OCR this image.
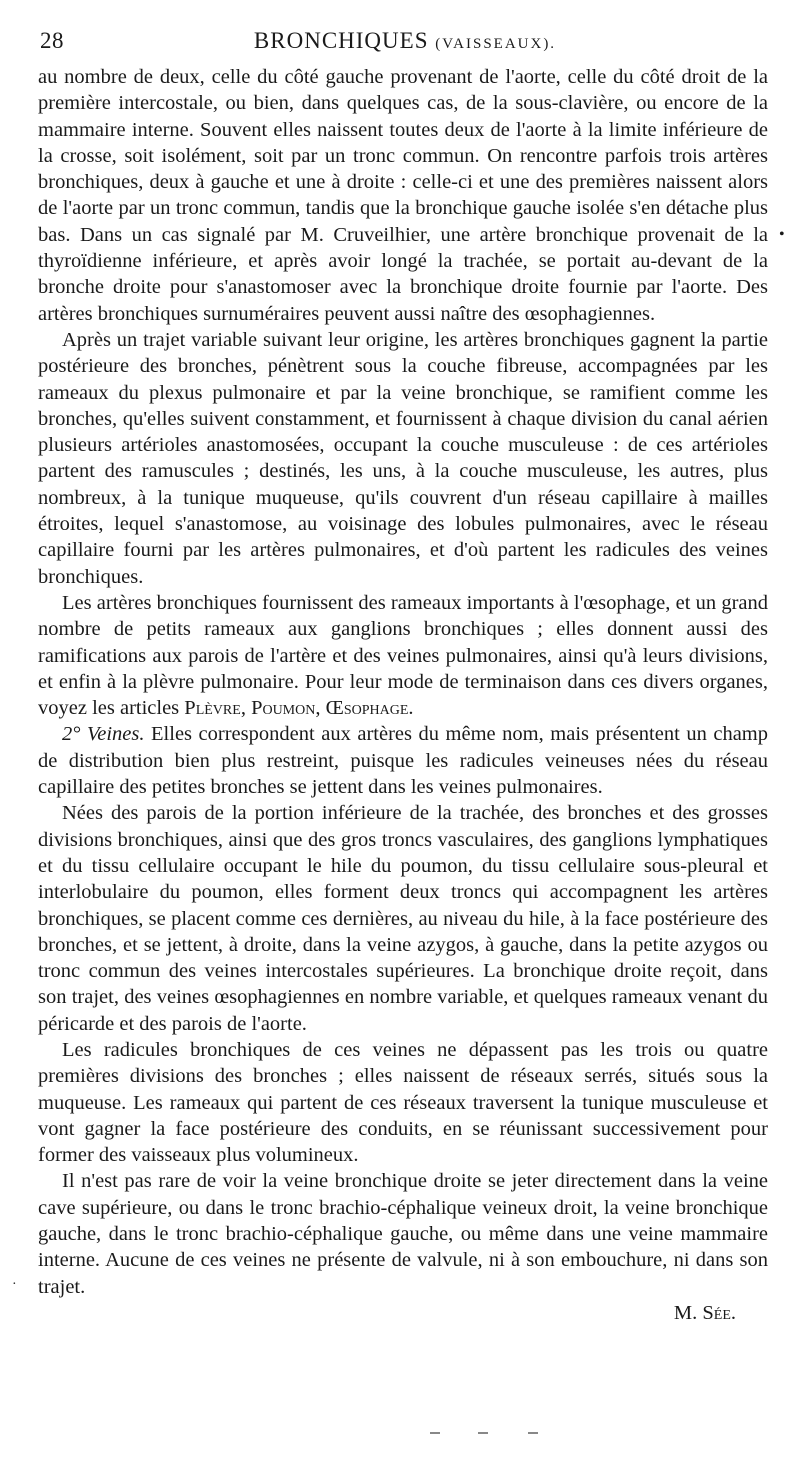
28	BRONCHIQUES (VAISSEAUX).

au nombre de deux, celle du côté gauche provenant de l'aorte, celle du côté droit de la première intercostale, ou bien, dans quelques cas, de la sous-clavière, ou encore de la mammaire interne. Souvent elles naissent toutes deux de l'aorte à la limite inférieure de la crosse, soit isolément, soit par un tronc commun. On rencontre parfois trois artères bronchiques, deux à gauche et une à droite : celle-ci et une des premières naissent alors de l'aorte par un tronc commun, tandis que la bronchique gauche isolée s'en détache plus bas. Dans un cas signalé par M. Cruveilhier, une artère bronchique provenait de la thyroïdienne inférieure, et après avoir longé la trachée, se portait au-devant de la bronche droite pour s'anastomoser avec la bronchique droite fournie par l'aorte. Des artères bronchiques surnuméraires peuvent aussi naître des œsophagiennes.

Après un trajet variable suivant leur origine, les artères bronchiques gagnent la partie postérieure des bronches, pénètrent sous la couche fibreuse, accompagnées par les rameaux du plexus pulmonaire et par la veine bronchique, se ramifient comme les bronches, qu'elles suivent constamment, et fournissent à chaque division du canal aérien plusieurs artérioles anastomosées, occupant la couche musculeuse : de ces artérioles partent des ramuscules ; destinés, les uns, à la couche musculeuse, les autres, plus nombreux, à la tunique muqueuse, qu'ils couvrent d'un réseau capillaire à mailles étroites, lequel s'anastomose, au voisinage des lobules pulmonaires, avec le réseau capillaire fourni par les artères pulmonaires, et d'où partent les radicules des veines bronchiques.

Les artères bronchiques fournissent des rameaux importants à l'œsophage, et un grand nombre de petits rameaux aux ganglions bronchiques ; elles donnent aussi des ramifications aux parois de l'artère et des veines pulmonaires, ainsi qu'à leurs divisions, et enfin à la plèvre pulmonaire. Pour leur mode de terminaison dans ces divers organes, voyez les articles Plèvre, Poumon, Œsophage.

2° Veines. Elles correspondent aux artères du même nom, mais présentent un champ de distribution bien plus restreint, puisque les radicules veineuses nées du réseau capillaire des petites bronches se jettent dans les veines pulmonaires.

Nées des parois de la portion inférieure de la trachée, des bronches et des grosses divisions bronchiques, ainsi que des gros troncs vasculaires, des ganglions lymphatiques et du tissu cellulaire occupant le hile du poumon, du tissu cellulaire sous-pleural et interlobulaire du poumon, elles forment deux troncs qui accompagnent les artères bronchiques, se placent comme ces dernières, au niveau du hile, à la face postérieure des bronches, et se jettent, à droite, dans la veine azygos, à gauche, dans la petite azygos ou tronc commun des veines intercostales supérieures. La bronchique droite reçoit, dans son trajet, des veines œsophagiennes en nombre variable, et quelques rameaux venant du péricarde et des parois de l'aorte.

Les radicules bronchiques de ces veines ne dépassent pas les trois ou quatre premières divisions des bronches ; elles naissent de réseaux serrés, situés sous la muqueuse. Les rameaux qui partent de ces réseaux traversent la tunique musculeuse et vont gagner la face postérieure des conduits, en se réunissant successivement pour former des vaisseaux plus volumineux.

Il n'est pas rare de voir la veine bronchique droite se jeter directement dans la veine cave supérieure, ou dans le tronc brachio-céphalique veineux droit, la veine bronchique gauche, dans le tronc brachio-céphalique gauche, ou même dans une veine mammaire interne. Aucune de ces veines ne présente de valvule, ni à son embouchure, ni dans son trajet.

M. Sée.
•
·
